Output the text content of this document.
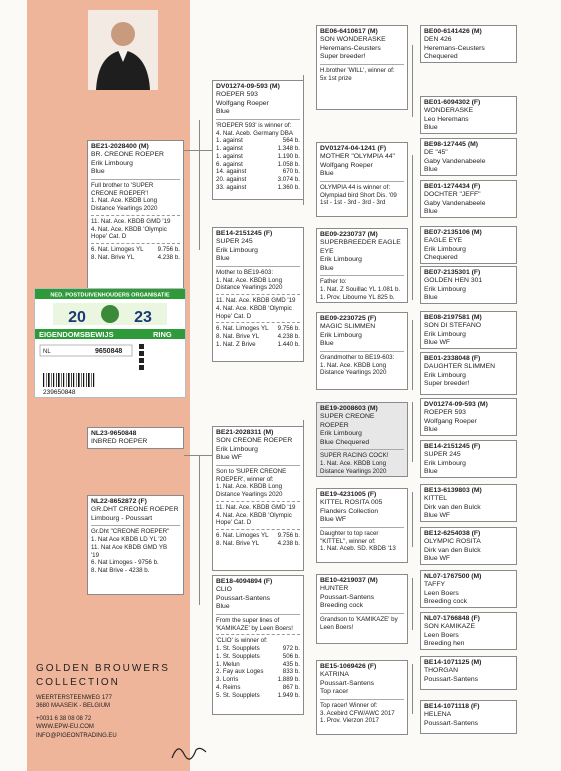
BE21-2028400 (M)
BR. CREONE ROEPER
Erik Limbourg
Blue
Full brother to 'SUPER
CREONE ROEPER'!
1. Nat. Ace. KBDB Long
Distance Yearlings 2020
11. Nat. Ace. KBDB GMD '19
4. Nat. Ace. KBDB 'Olympic
Hope' Cat. D
6. Nat. Limoges YL 9.756 b.
8. Nat. Brive YL	4.238 b.
DV01274-09-593 (M)
ROEPER 593
Wolfgang Roeper
Blue
'ROEPER 593' is winner of:
4. Nat. Aceb. Germany DBA
1. against	564 b.
1. against	1.348 b.
1. against	1.190 b.
6. against	1.058 b.
14. against	670 b.
20. against	3.074 b.
33. against	1.360 b.
BE14-2151245 (F)
SUPER 245
Erik Limbourg
Blue
Mother to BE19-603:
1. Nat. Ace. KBDB Long
Distance Yearlings 2020
11. Nat. Ace. KBDB GMD '19
4. Nat. Ace. KBDB 'Olympic
Hope' Cat. D
6. Nat. Limoges YL 9.756 b.
8. Nat. Brive YL	4.238 b.
1. Nat. Z Brive	1.440 b.
BE06-6410617 (M)
SON WONDERASKE
Heremans-Ceusters
Super breeder!
H.brother 'WILL', winner of:
5x 1st prize
DV01274-04-1241 (F)
MOTHER "OLYMPIA 44"
Wolfgang Roeper
Blue
OLYMPIA 44 is winner of:
Olympiad bird Short Dis. '09
1st - 1st - 3rd - 3rd - 3rd
BE09-2230737 (M)
SUPERBREEDER EAGLE EYE
Erik Limbourg
Blue
Father to:
1. Nat. Z Souillac YL 1.081 b.
1. Prov. Libourne YL 825 b.
BE09-2230725 (F)
MAGIC SLIMMEN
Erik Limbourg
Blue
Grandmother to BE19-603:
1. Nat. Ace. KBDB Long
Distance Yearlings 2020
BE00-6141426 (M)
DEN 426
Heremans-Ceusters
Chequered
BE01-6094302 (F)
WONDERASKE
Leo Heremans
Blue
BE98-127445 (M)
DE "45"
Gaby Vandenabeele
Blue
BE01-1274434 (F)
DOCHTER "JEFF"
Gaby Vandenabeele
Blue
BE07-2135106 (M)
EAGLE EYE
Erik Limbourg
Chequered
BE07-2135301 (F)
GOLDEN HEN 301
Erik Limbourg
Blue
BE08-2197581 (M)
SON DI STEFANO
Erik Limbourg
Blue WF
BE01-2338048 (F)
DAUGHTER SLIMMEN
Erik Limbourg
Super breeder!
NED. POSTDUIVENHOUDERS ORGANISATIE
20	23
EIGENDOMSBEWIJS	RING
NL	9650848
239650848
NL23-9650848
INBRED ROEPER
BE21-2028311 (M)
SON CREONE ROEPER
Erik Limbourg
Blue WF
Son to 'SUPER CREONE
ROEPER', winner of:
1. Nat. Ace. KBDB Long
Distance Yearlings 2020
11. Nat. Ace. KBDB GMD '19
4. Nat. Ace. KBDB 'Olympic
Hope' Cat. D
6. Nat. Limoges YL 9.756 b.
8. Nat. Brive YL	4.238 b.
NL22-8652872 (F)
GR.DHT CREONE ROEPER
Limbourg - Poussart
Gr.Dht "CREONE ROEPER"
1. Nat Ace KBDB LD YL '20
11. Nat Ace KBDB GMD YB
'19
6. Nat Limoges - 9756 b.
8. Nat Brive - 4238 b.
BE18-4094894 (F)
CLIO
Poussart-Santens
Blue
From the super lines of
'KAMIKAZE' by Leen Boers!
'CLIO' is winner of:
1. St. Soupplets	972 b.
1. St. Soupplets	506 b.
1. Melun	435 b.
2. Fay aux Loges	833 b.
3. Lorris	1.889 b.
4. Reims	867 b.
5. St. Soupplets	1.949 b.
BE19-2008603 (M)
SUPER CREONE ROEPER
Erik Limbourg
Blue Chequered
SUPER RACING COCK!
1. Nat. Ace. KBDB Long
Distance Yearlings 2020
BE19-4231005 (F)
KITTEL ROSITA 005
Flanders Collection
Blue WF
Daughter to top racer
"KITTEL", winner of:
1. Nat. Aceb. SD. KBDB '13
BE10-4219037 (M)
HUNTER
Poussart-Santens
Breeding cock
Grandson to 'KAMIKAZE' by
Leen Boers!
BE15-1069426 (F)
KATRINA
Poussart-Santens
Top racer
Top racer! Winner of:
3. Acebird CFW/AWC 2017
1. Prov. Vierzon 2017
DV01274-09-593 (M)
ROEPER 593
Wolfgang Roeper
Blue
BE14-2151245 (F)
SUPER 245
Erik Limbourg
Blue
BE13-6139803 (M)
KITTEL
Dirk van den Bulck
Blue WF
BE12-6254038 (F)
OLYMPIC ROSITA
Dirk van den Bulck
Blue WF
NL07-1767500 (M)
TAFFY
Leen Boers
Breeding cock
NL07-1766848 (F)
SON KAMIKAZE
Leen Boers
Breeding hen
BE14-1071125 (M)
THORGAN
Poussart-Santens
BE14-1071118 (F)
HELENA
Poussart-Santens
GOLDEN BROUWERS
COLLECTION
WEERTERSTEENWEG 177
3680 MAASEIK - BELGIUM
+0031 6 38 08 08 72
WWW.EPW-EU.COM
INFO@PIGEONTRADING.EU
